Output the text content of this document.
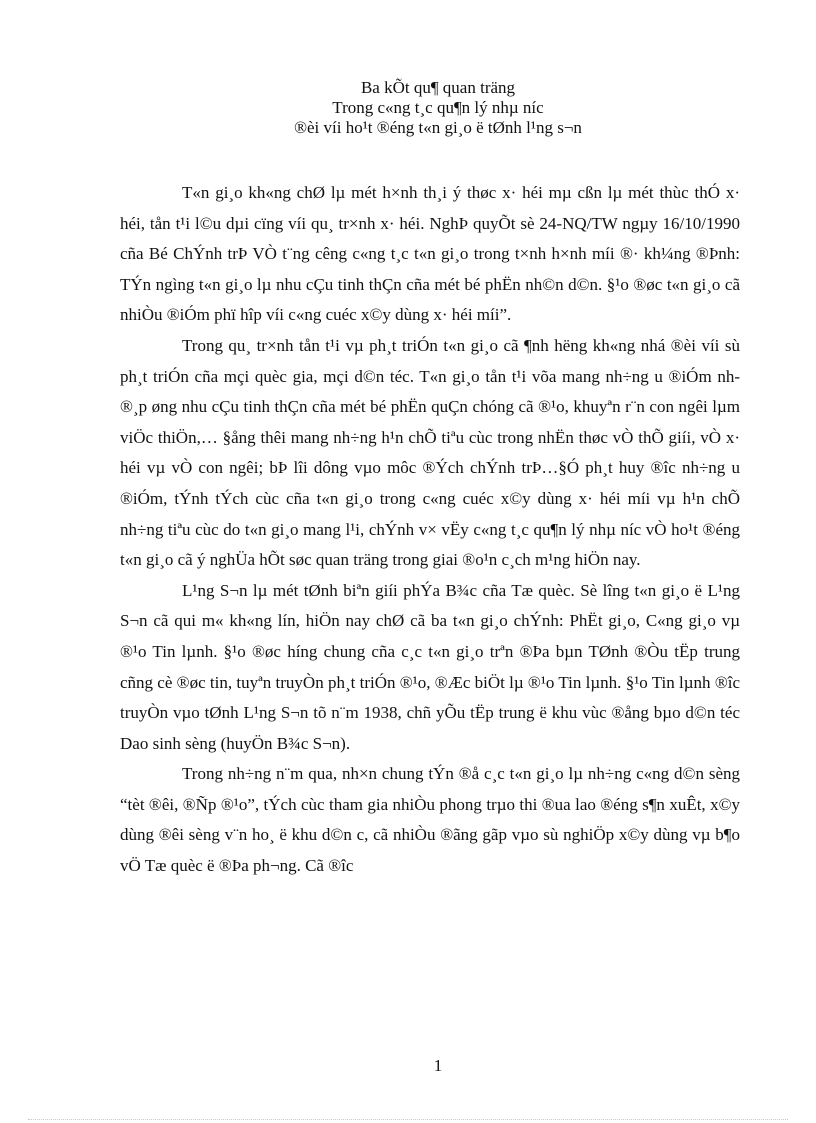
Ba kÕt qu¶ quan träng
Trong c«ng t¸c qu¶n lý nhµ níc
®èi víi ho¹t ®éng t«n gi¸o ë tØnh l¹ng s¬n

T«n gi¸o kh«ng chØ lµ mét h×nh th¸i ý thøc x· héi mµ cßn lµ mét thùc thÓ x· héi, tån t¹i l©u dµi cïng víi qu¸ tr×nh x· héi. NghÞ quyÕt sè 24-NQ/TW ngµy 16/10/1990 cña Bé ChÝnh trÞ VÒ t¨ng cêng c«ng t¸c t«n gi¸o trong t×nh h×nh míi ®· kh¼ng ®Þnh: TÝn ngìng t«n gi¸o lµ nhu cÇu tinh thÇn cña mét bé phËn nh©n d©n. §¹o ®øc t«n gi¸o cã nhiÒu ®iÓm phï hîp víi c«ng cuéc x©y dùng x· héi míi”.

Trong qu¸ tr×nh tån t¹i vµ ph¸t triÓn t«n gi¸o cã ¶nh hëng kh«ng nhá ®èi víi sù ph¸t triÓn cña mçi quèc gia, mçi d©n téc. T«n gi¸o tån t¹i võa mang nh÷ng u ®iÓm nh ®¸p øng nhu cÇu tinh thÇn cña mét bé phËn quÇn chóng cã ®¹o, khuyªn r¨n con ngêi lµm viÖc thiÖn,… §ång thêi mang nh÷ng h¹n chÕ tiªu cùc trong nhËn thøc vÒ thÕ giíi, vÒ x· héi vµ vÒ con ngêi; bÞ lîi dông vµo môc ®Ých chÝnh trÞ…§Ó ph¸t huy ®îc nh÷ng u ®iÓm, tÝnh tÝch cùc cña t«n gi¸o trong c«ng cuéc x©y dùng x· héi míi vµ h¹n chÕ nh÷ng tiªu cùc do t«n gi¸o mang l¹i, chÝnh v× vËy c«ng t¸c qu¶n lý nhµ níc vÒ ho¹t ®éng t«n gi¸o cã ý nghÜa hÕt søc quan träng trong giai ®o¹n c¸ch m¹ng hiÖn nay.

L¹ng S¬n lµ mét tØnh biªn giíi phÝa B¾c cña Tæ quèc. Sè lîng t«n gi¸o ë L¹ng S¬n cã qui m« kh«ng lín, hiÖn nay chØ cã ba t«n gi¸o chÝnh: PhËt gi¸o, C«ng gi¸o vµ ®¹o Tin lµnh. §¹o ®øc híng chung cña c¸c t«n gi¸o trªn ®Þa bµn TØnh ®Òu tËp trung cñng cè ®øc tin, tuyªn truyÒn ph¸t triÓn ®¹o, ®Æc biÖt lµ ®¹o Tin lµnh. §¹o Tin lµnh ®îc truyÒn vµo tØnh L¹ng S¬n tõ n¨m 1938, chñ yÕu tËp trung ë khu vùc ®ång bµo d©n téc Dao sinh sèng (huyÖn B¾c S¬n).

Trong nh÷ng n¨m qua, nh×n chung tÝn ®å c¸c t«n gi¸o lµ nh÷ng c«ng d©n sèng “tèt ®êi, ®Ñp ®¹o”, tÝch cùc tham gia nhiÒu phong trµo thi ®ua lao ®éng s¶n xuÊt, x©y dùng ®êi sèng v¨n ho¸ ë khu d©n c, cã nhiÒu ®ãng gãp vµo sù nghiÖp x©y dùng vµ b¶o vÖ Tæ quèc ë ®Þa ph¬ng. Cã ®îc

1
